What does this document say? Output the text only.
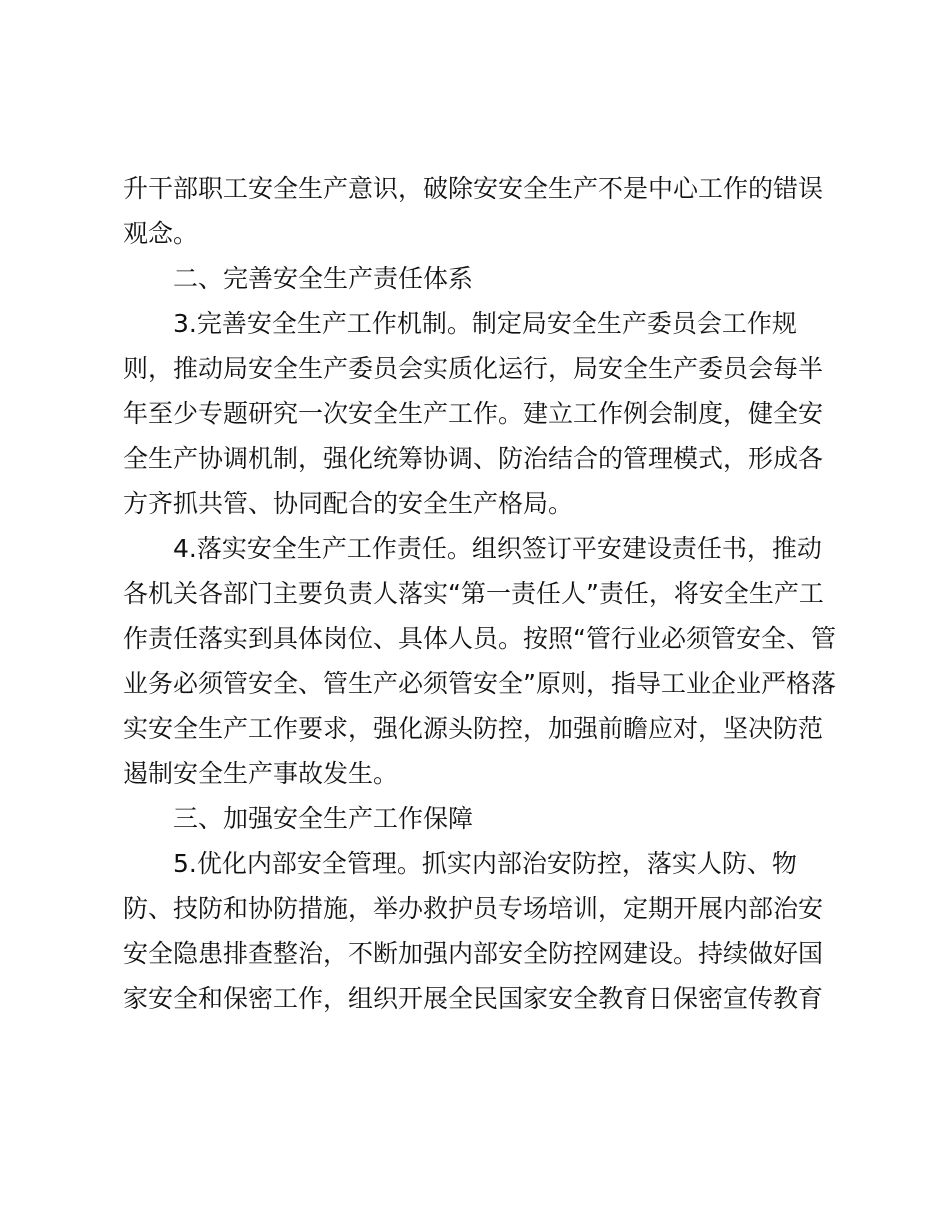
升干部职工安全生产意识，破除安安全生产不是中心工作的错误
观念。
二、完善安全生产责任体系
3.完善安全生产工作机制。制定局安全生产委员会工作规
则，推动局安全生产委员会实质化运行，局安全生产委员会每半
年至少专题研究一次安全生产工作。建立工作例会制度，健全安
全生产协调机制，强化统筹协调、防治结合的管理模式，形成各
方齐抓共管、协同配合的安全生产格局。
4.落实安全生产工作责任。组织签订平安建设责任书，推动
各机关各部门主要负责人落实“第一责任人”责任，将安全生产工
作责任落实到具体岗位、具体人员。按照“管行业必须管安全、管
业务必须管安全、管生产必须管安全”原则，指导工业企业严格落
实安全生产工作要求，强化源头防控，加强前瞻应对，坚决防范
遏制安全生产事故发生。
三、加强安全生产工作保障
5.优化内部安全管理。抓实内部治安防控，落实人防、物
防、技防和协防措施，举办救护员专场培训，定期开展内部治安
安全隐患排查整治，不断加强内部安全防控网建设。持续做好国
家安全和保密工作，组织开展全民国家安全教育日保密宣传教育
